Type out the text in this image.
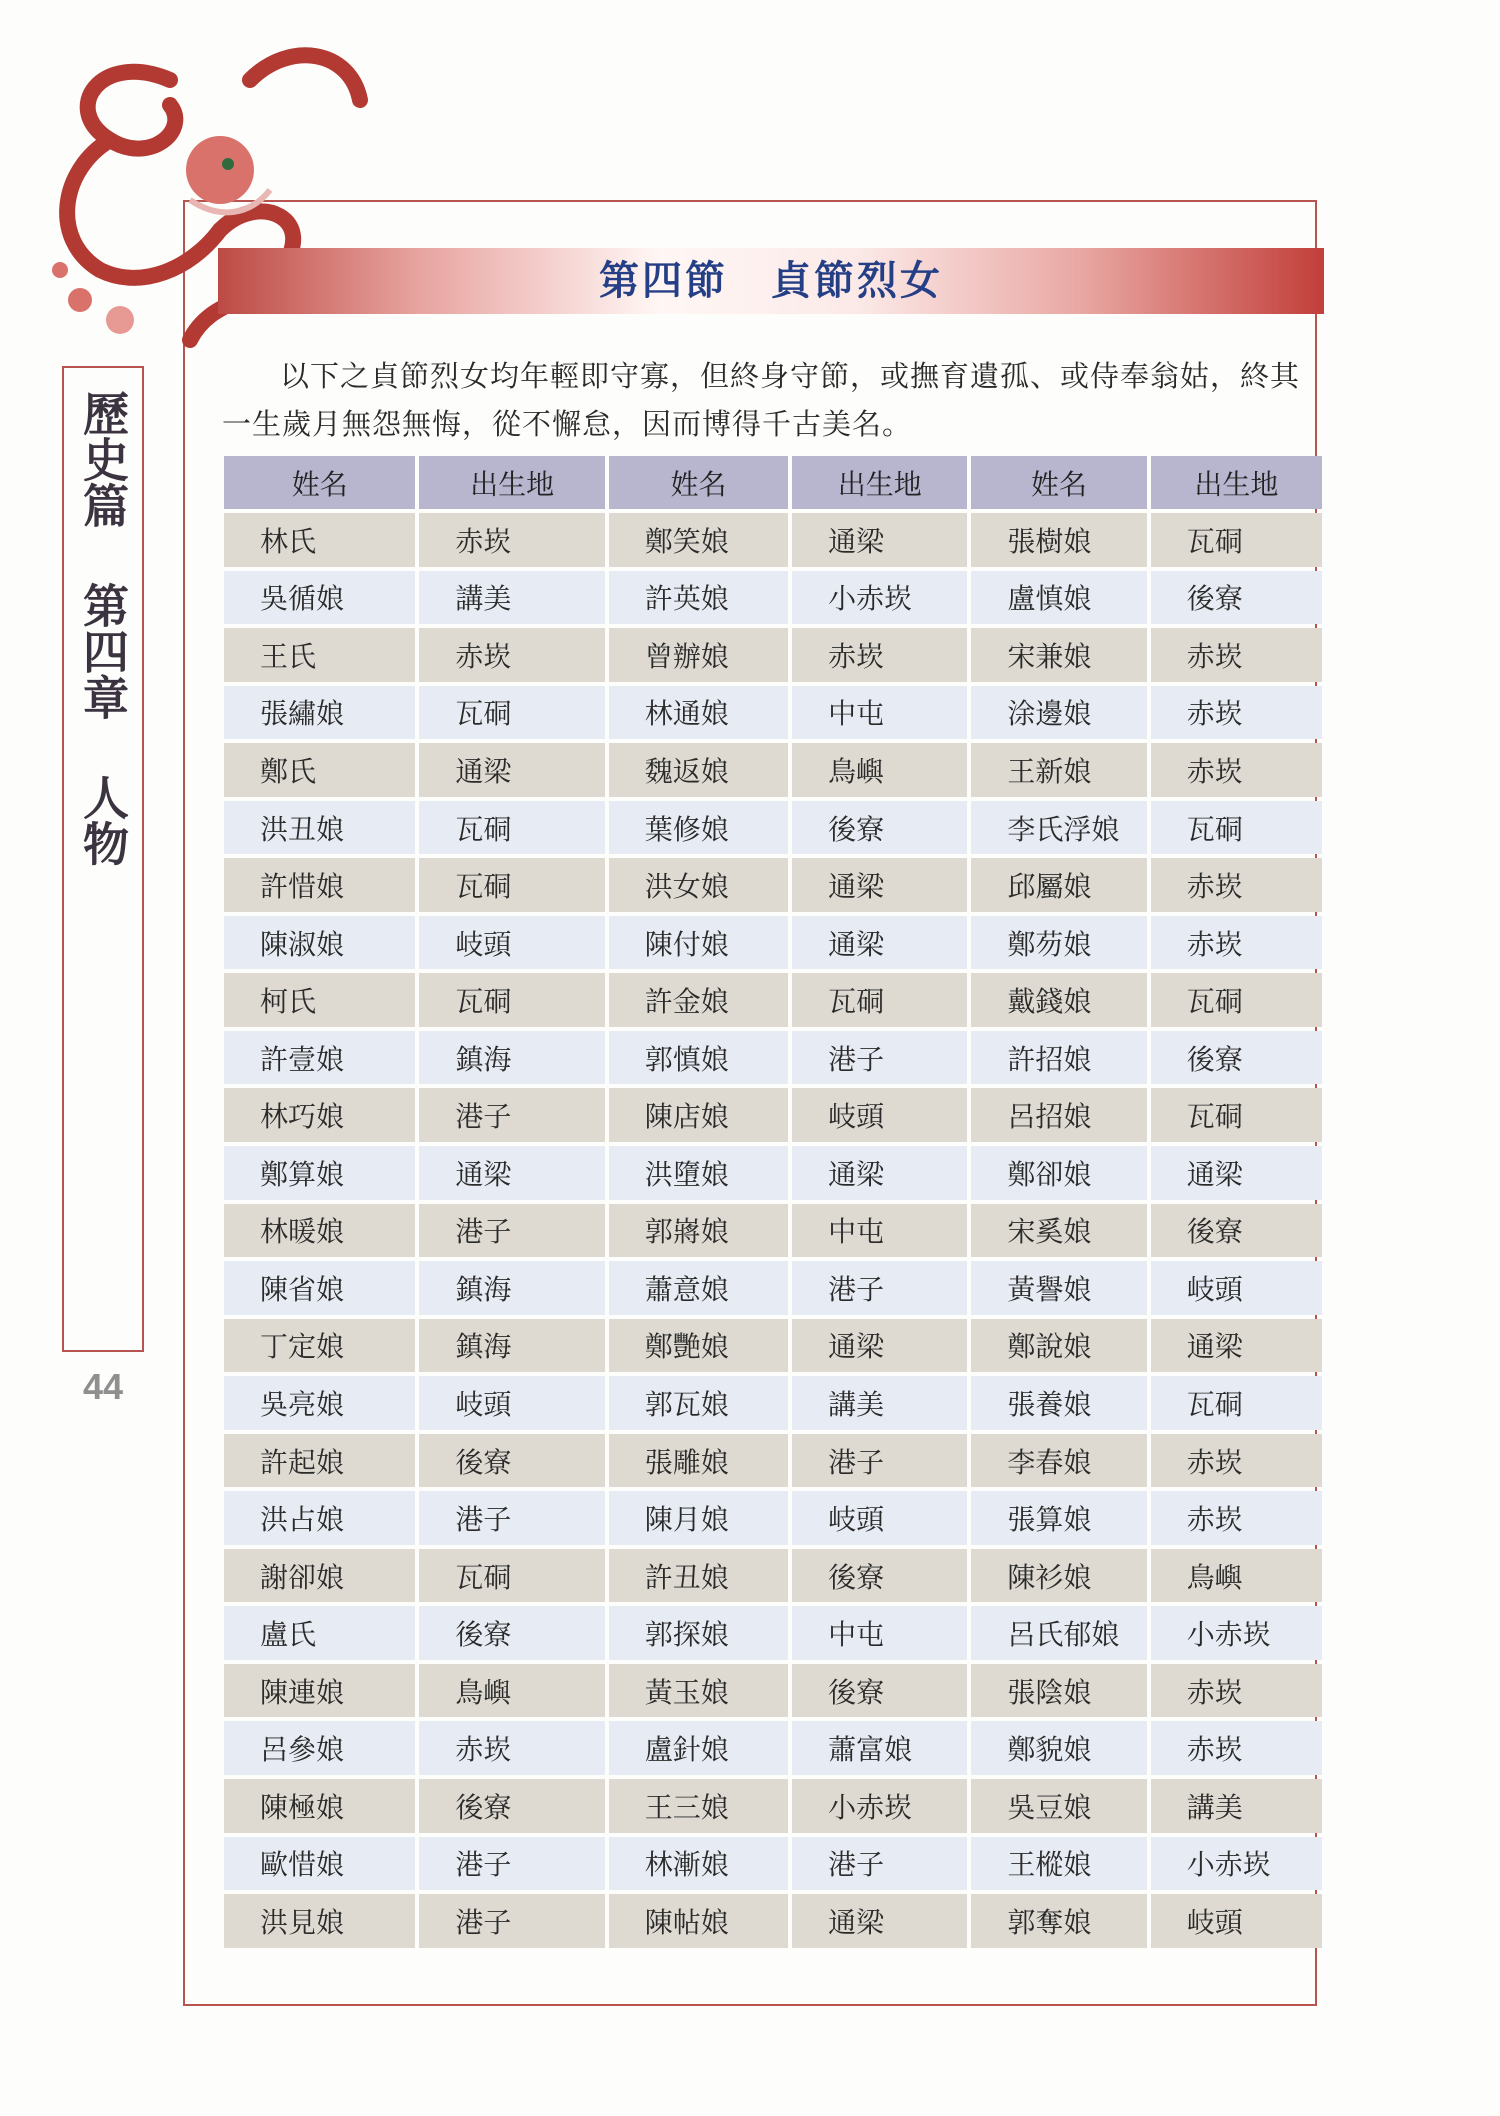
第四節　貞節烈女
歷史篇 第四章 人物
44
以下之貞節烈女均年輕即守寡，但終身守節，或撫育遺孤、或侍奉翁姑，終其一生歲月無怨無悔，從不懈怠，因而博得千古美名。
姓名	出生地	姓名	出生地	姓名	出生地
林氏	赤崁	鄭笑娘	通梁	張樹娘	瓦硐
吳循娘	講美	許英娘	小赤崁	盧慎娘	後寮
王氏	赤崁	曾辦娘	赤崁	宋兼娘	赤崁
張繡娘	瓦硐	林通娘	中屯	涂邊娘	赤崁
鄭氏	通梁	魏返娘	鳥嶼	王新娘	赤崁
洪丑娘	瓦硐	葉修娘	後寮	李氏浮娘	瓦硐
許惜娘	瓦硐	洪女娘	通梁	邱屬娘	赤崁
陳淑娘	岐頭	陳付娘	通梁	鄭芴娘	赤崁
柯氏	瓦硐	許金娘	瓦硐	戴錢娘	瓦硐
許壹娘	鎮海	郭慎娘	港子	許招娘	後寮
林巧娘	港子	陳店娘	岐頭	呂招娘	瓦硐
鄭算娘	通梁	洪墮娘	通梁	鄭卻娘	通梁
林暖娘	港子	郭嶈娘	中屯	宋奚娘	後寮
陳省娘	鎮海	蕭意娘	港子	黃譽娘	岐頭
丁定娘	鎮海	鄭艷娘	通梁	鄭說娘	通梁
吳亮娘	岐頭	郭瓦娘	講美	張養娘	瓦硐
許起娘	後寮	張雕娘	港子	李春娘	赤崁
洪占娘	港子	陳月娘	岐頭	張算娘	赤崁
謝卻娘	瓦硐	許丑娘	後寮	陳衫娘	鳥嶼
盧氏	後寮	郭探娘	中屯	呂氏郁娘	小赤崁
陳連娘	鳥嶼	黃玉娘	後寮	張陰娘	赤崁
呂參娘	赤崁	盧針娘	蕭富娘	鄭貌娘	赤崁
陳極娘	後寮	王三娘	小赤崁	吳豆娘	講美
歐惜娘	港子	林漸娘	港子	王樅娘	小赤崁
洪見娘	港子	陳帖娘	通梁	郭奪娘	岐頭
